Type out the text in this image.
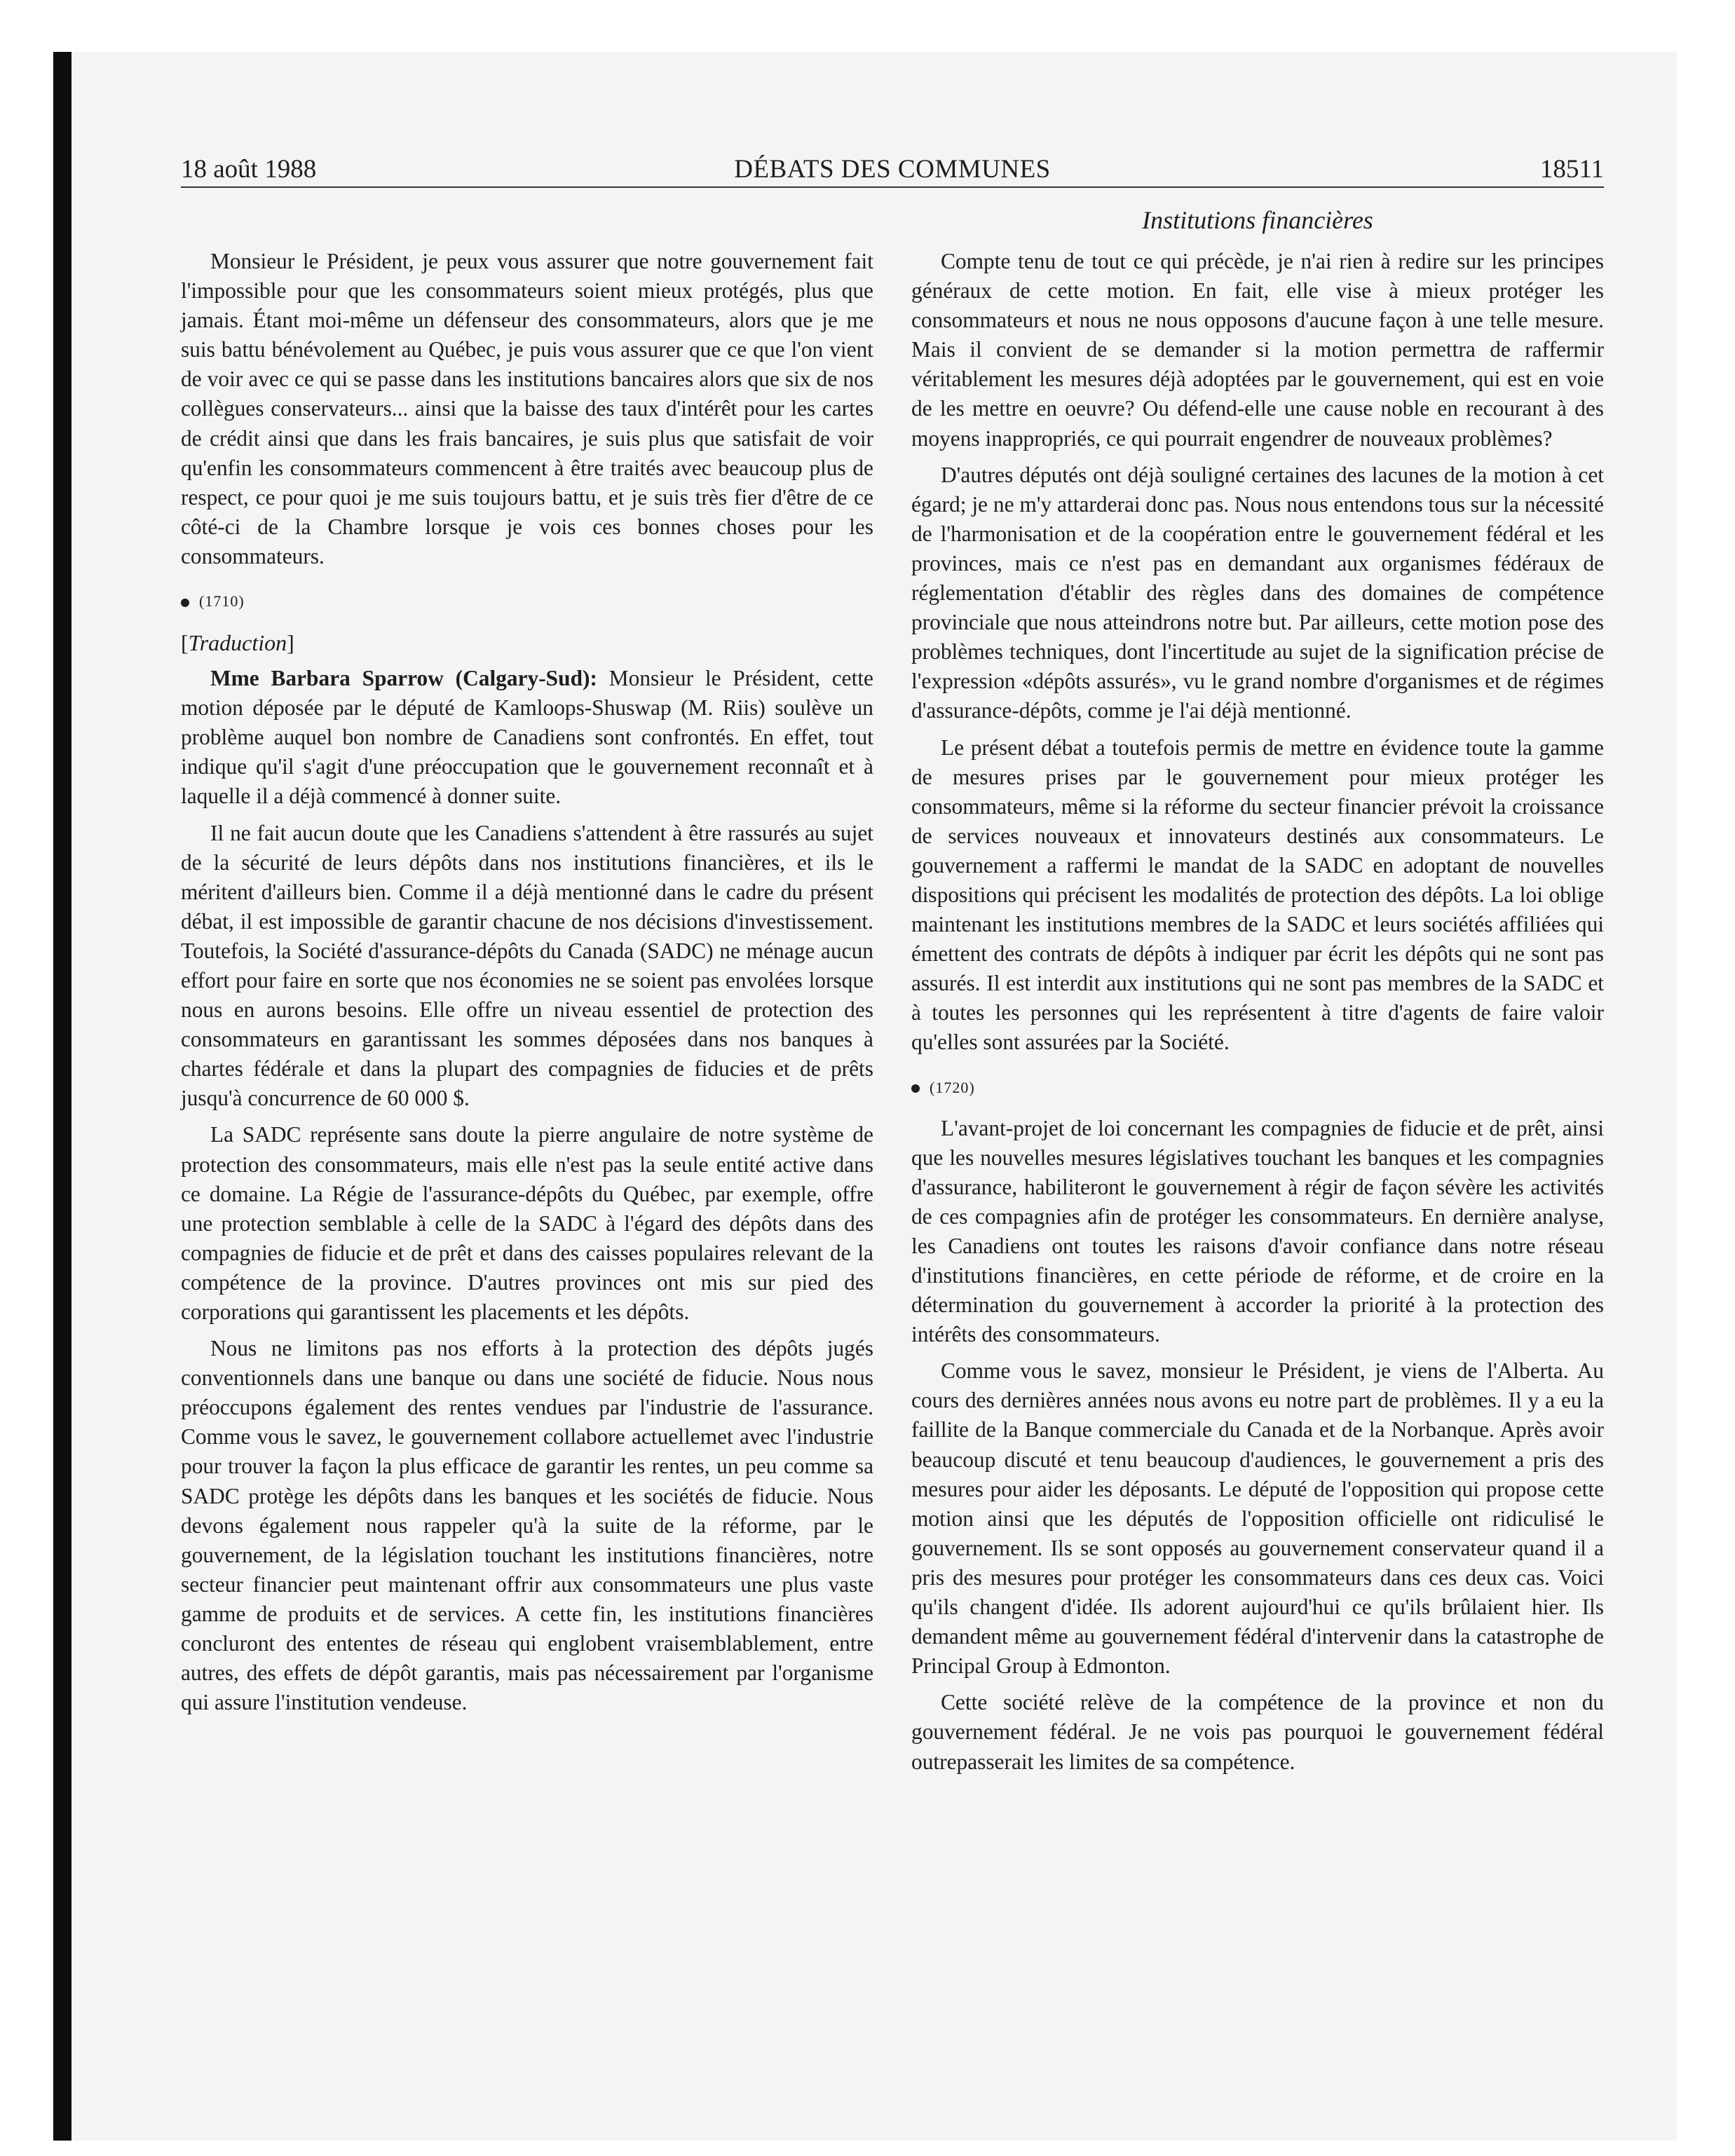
18 août 1988	DÉBATS DES COMMUNES	18511
Institutions financières

Monsieur le Président, je peux vous assurer que notre gouvernement fait l'impossible pour que les consommateurs soient mieux protégés, plus que jamais. Étant moi-même un défenseur des consommateurs, alors que je me suis battu bénévolement au Québec, je puis vous assurer que ce que l'on vient de voir avec ce qui se passe dans les institutions bancaires alors que six de nos collègues conservateurs... ainsi que la baisse des taux d'intérêt pour les cartes de crédit ainsi que dans les frais bancaires, je suis plus que satisfait de voir qu'enfin les consommateurs commencent à être traités avec beaucoup plus de respect, ce pour quoi je me suis toujours battu, et je suis très fier d'être de ce côté-ci de la Chambre lorsque je vois ces bonnes choses pour les consommateurs.

(1710)
[Traduction]

Mme Barbara Sparrow (Calgary-Sud): Monsieur le Président, cette motion déposée par le député de Kamloops-Shuswap (M. Riis) soulève un problème auquel bon nombre de Canadiens sont confrontés. En effet, tout indique qu'il s'agit d'une préoccupation que le gouvernement reconnaît et à laquelle il a déjà commencé à donner suite.

Il ne fait aucun doute que les Canadiens s'attendent à être rassurés au sujet de la sécurité de leurs dépôts dans nos institutions financières, et ils le méritent d'ailleurs bien. Comme il a déjà mentionné dans le cadre du présent débat, il est impossible de garantir chacune de nos décisions d'investissement. Toutefois, la Société d'assurance-dépôts du Canada (SADC) ne ménage aucun effort pour faire en sorte que nos économies ne se soient pas envolées lorsque nous en aurons besoins. Elle offre un niveau essentiel de protection des consommateurs en garantissant les sommes déposées dans nos banques à chartes fédérale et dans la plupart des compagnies de fiducies et de prêts jusqu'à concurrence de 60 000 $.

La SADC représente sans doute la pierre angulaire de notre système de protection des consommateurs, mais elle n'est pas la seule entité active dans ce domaine. La Régie de l'assurance-dépôts du Québec, par exemple, offre une protection semblable à celle de la SADC à l'égard des dépôts dans des compagnies de fiducie et de prêt et dans des caisses populaires relevant de la compétence de la province. D'autres provinces ont mis sur pied des corporations qui garantissent les placements et les dépôts.

Nous ne limitons pas nos efforts à la protection des dépôts jugés conventionnels dans une banque ou dans une société de fiducie. Nous nous préoccupons également des rentes vendues par l'industrie de l'assurance. Comme vous le savez, le gouvernement collabore actuellemet avec l'industrie pour trouver la façon la plus efficace de garantir les rentes, un peu comme sa SADC protège les dépôts dans les banques et les sociétés de fiducie. Nous devons également nous rappeler qu'à la suite de la réforme, par le gouvernement, de la législation touchant les institutions financières, notre secteur financier peut maintenant offrir aux consommateurs une plus vaste gamme de produits et de services. A cette fin, les institutions financières concluront des ententes de réseau qui englobent vraisemblablement, entre autres, des effets de dépôt garantis, mais pas nécessairement par l'organisme qui assure l'institution vendeuse.

Compte tenu de tout ce qui précède, je n'ai rien à redire sur les principes généraux de cette motion. En fait, elle vise à mieux protéger les consommateurs et nous ne nous opposons d'aucune façon à une telle mesure. Mais il convient de se demander si la motion permettra de raffermir véritablement les mesures déjà adoptées par le gouvernement, qui est en voie de les mettre en oeuvre? Ou défend-elle une cause noble en recourant à des moyens inappropriés, ce qui pourrait engendrer de nouveaux problèmes?

D'autres députés ont déjà souligné certaines des lacunes de la motion à cet égard; je ne m'y attarderai donc pas. Nous nous entendons tous sur la nécessité de l'harmonisation et de la coopération entre le gouvernement fédéral et les provinces, mais ce n'est pas en demandant aux organismes fédéraux de réglementation d'établir des règles dans des domaines de compétence provinciale que nous atteindrons notre but. Par ailleurs, cette motion pose des problèmes techniques, dont l'incertitude au sujet de la signification précise de l'expression «dépôts assurés», vu le grand nombre d'organismes et de régimes d'assurance-dépôts, comme je l'ai déjà mentionné.

Le présent débat a toutefois permis de mettre en évidence toute la gamme de mesures prises par le gouvernement pour mieux protéger les consommateurs, même si la réforme du secteur financier prévoit la croissance de services nouveaux et innovateurs destinés aux consommateurs. Le gouvernement a raffermi le mandat de la SADC en adoptant de nouvelles dispositions qui précisent les modalités de protection des dépôts. La loi oblige maintenant les institutions membres de la SADC et leurs sociétés affiliées qui émettent des contrats de dépôts à indiquer par écrit les dépôts qui ne sont pas assurés. Il est interdit aux institutions qui ne sont pas membres de la SADC et à toutes les personnes qui les représentent à titre d'agents de faire valoir qu'elles sont assurées par la Société.

(1720)

L'avant-projet de loi concernant les compagnies de fiducie et de prêt, ainsi que les nouvelles mesures législatives touchant les banques et les compagnies d'assurance, habiliteront le gouvernement à régir de façon sévère les activités de ces compagnies afin de protéger les consommateurs. En dernière analyse, les Canadiens ont toutes les raisons d'avoir confiance dans notre réseau d'institutions financières, en cette période de réforme, et de croire en la détermination du gouvernement à accorder la priorité à la protection des intérêts des consommateurs.

Comme vous le savez, monsieur le Président, je viens de l'Alberta. Au cours des dernières années nous avons eu notre part de problèmes. Il y a eu la faillite de la Banque commerciale du Canada et de la Norbanque. Après avoir beaucoup discuté et tenu beaucoup d'audiences, le gouvernement a pris des mesures pour aider les déposants. Le député de l'opposition qui propose cette motion ainsi que les députés de l'opposition officielle ont ridiculisé le gouvernement. Ils se sont opposés au gouvernement conservateur quand il a pris des mesures pour protéger les consommateurs dans ces deux cas. Voici qu'ils changent d'idée. Ils adorent aujourd'hui ce qu'ils brûlaient hier. Ils demandent même au gouvernement fédéral d'intervenir dans la catastrophe de Principal Group à Edmonton.

Cette société relève de la compétence de la province et non du gouvernement fédéral. Je ne vois pas pourquoi le gouvernement fédéral outrepasserait les limites de sa compétence.
